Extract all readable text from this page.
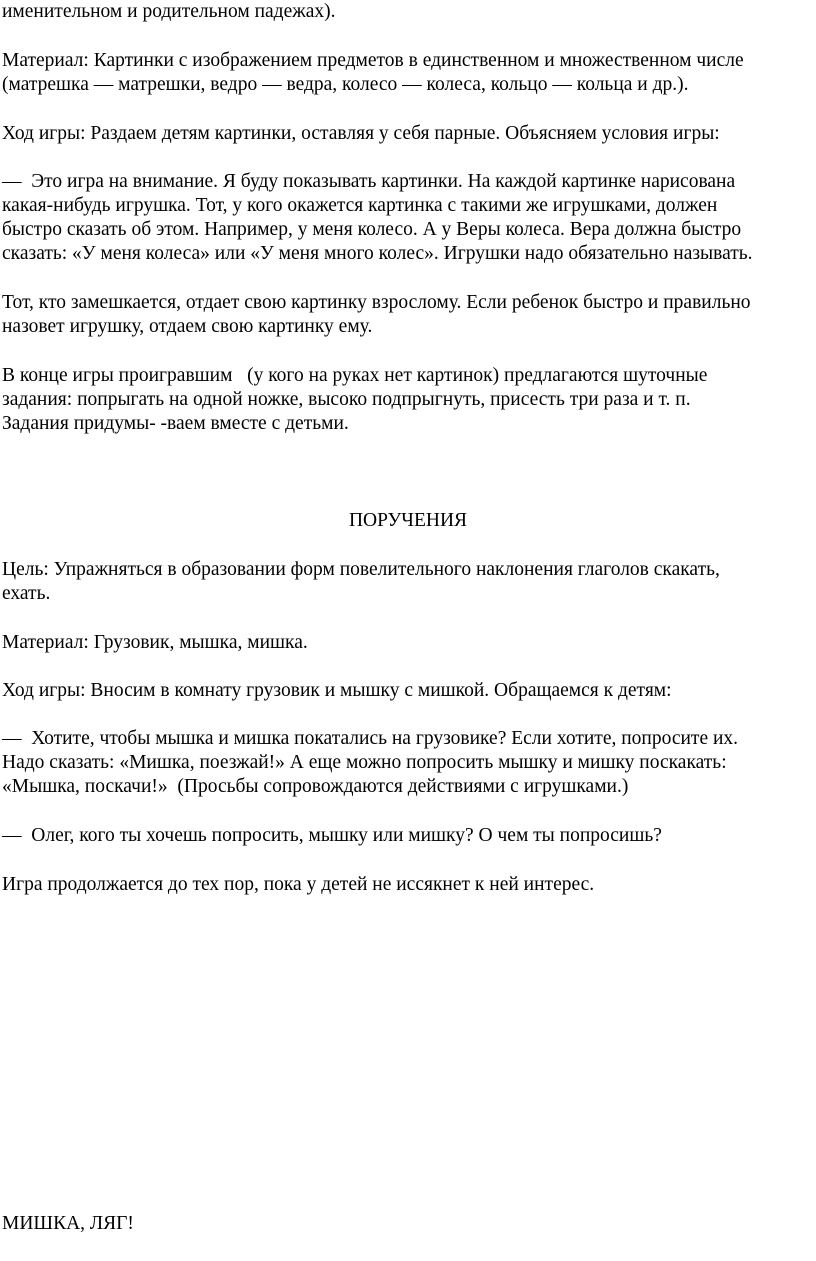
именительном и родительном падежах).
Материал: Картинки с изображением предметов в единственном и множественном числе
(матрешка — матрешки, ведро — ведра, колесо — колеса, кольцо — кольца и др.).
Ход игры: Раздаем детям картинки, оставляя у себя парные. Объясняем условия игры:
—  Это игра на внимание. Я буду показывать картинки. На каждой картинке нарисована
какая-нибудь игрушка. Тот, у кого окажется картинка с такими же игрушками, должен
быстро сказать об этом. Например, у меня колесо. А у Веры колеса. Вера должна быстро
сказать: «У меня колеса» или «У меня много колес». Игрушки надо обязательно называть.
Тот, кто замешкается, отдает свою картинку взрослому. Если ребенок быстро и правильно
назовет игрушку, отдаем свою картинку ему.
В конце игры проигравшим   (у кого на руках нет картинок) предлагаются шуточные
задания: попрыгать на одной ножке, высоко подпрыгнуть, присесть три раза и т. п.
Задания придумы- -ваем вместе с детьми.
ПОРУЧЕНИЯ
Цель: Упражняться в образовании форм повелительного наклонения глаголов скакать,
ехать.
Материал: Грузовик, мышка, мишка.
Ход игры: Вносим в комнату грузовик и мышку с мишкой. Обращаемся к детям:
—  Хотите, чтобы мышка и мишка покатались на грузовике? Если хотите, попросите их.
Надо сказать: «Мишка, поезжай!» А еще можно попросить мышку и мишку поскакать:
«Мышка, поскачи!»  (Просьбы сопровождаются действиями с игрушками.)
—  Олег, кого ты хочешь попросить, мышку или мишку? О чем ты попросишь?
Игра продолжается до тех пор, пока у детей не иссякнет к ней интерес.
МИШКА, ЛЯГ!
